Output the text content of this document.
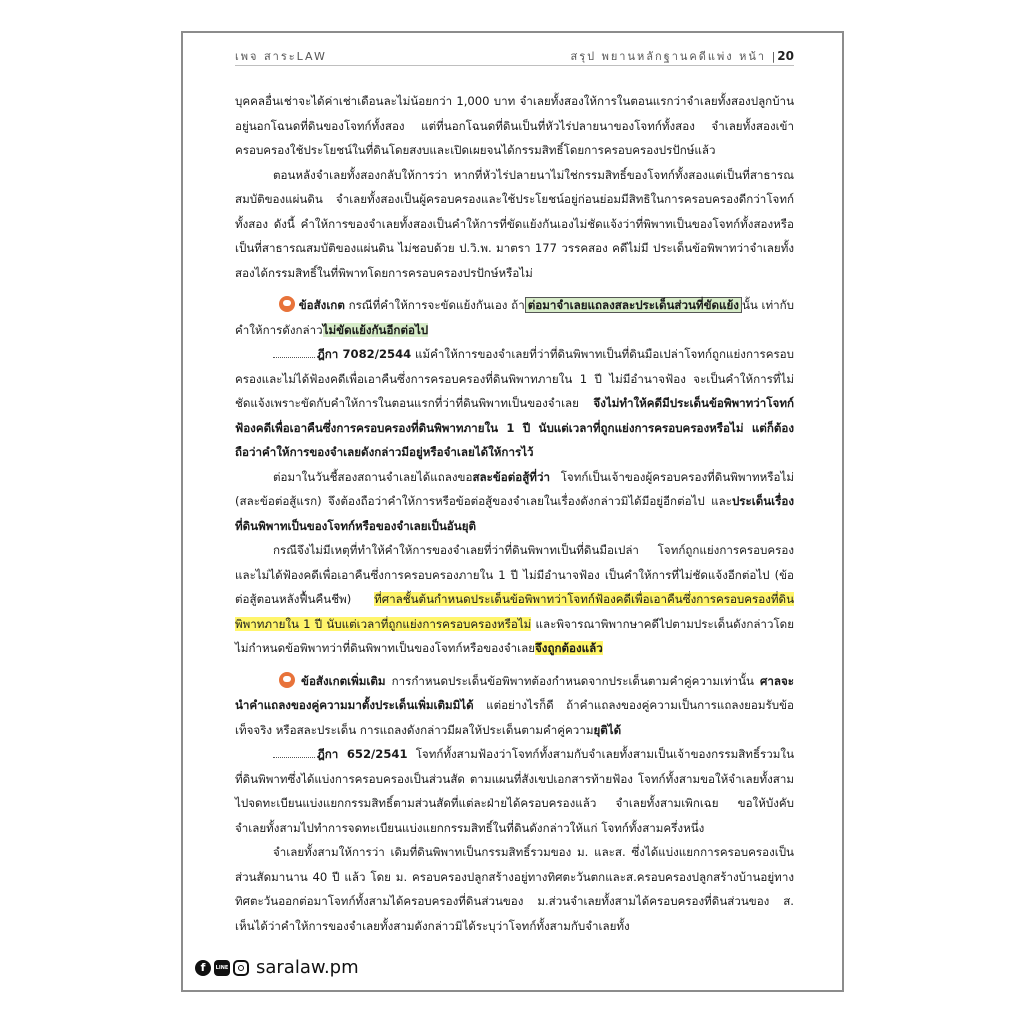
เพจ สาระLAW	สรุป พยานหลักฐานคดีแพ่ง หน้า |20

บุคคลอื่นเช่าจะได้ค่าเช่าเดือนละไม่น้อยกว่า 1,000 บาท จำเลยทั้งสองให้การในตอนแรกว่าจำเลยทั้งสองปลูกบ้านอยู่นอกโฉนดที่ดินของโจทก์ทั้งสอง แต่ที่นอกโฉนดที่ดินเป็นที่หัวไร่ปลายนาของโจทก์ทั้งสอง จำเลยทั้งสองเข้าครอบครองใช้ประโยชน์ในที่ดินโดยสงบและเปิดเผยจนได้กรรมสิทธิ์โดยการครอบครองปรปักษ์แล้ว

ตอนหลังจำเลยทั้งสองกลับให้การว่า หากที่หัวไร่ปลายนาไม่ใช่กรรมสิทธิ์ของโจทก์ทั้งสองแต่เป็นที่สาธารณสมบัติของแผ่นดิน จำเลยทั้งสองเป็นผู้ครอบครองและใช้ประโยชน์อยู่ก่อนย่อมมีสิทธิในการครอบครองดีกว่าโจทก์ทั้งสอง ดังนี้ คำให้การของจำเลยทั้งสองเป็นคำให้การที่ขัดแย้งกันเองไม่ชัดแจ้งว่าที่พิพาทเป็นของโจทก์ทั้งสองหรือเป็นที่สาธารณสมบัติของแผ่นดิน ไม่ชอบด้วย ป.วิ.พ. มาตรา 177 วรรคสอง คดีไม่มี ประเด็นข้อพิพาทว่าจำเลยทั้งสองได้กรรมสิทธิ์ในที่พิพาทโดยการครอบครองปรปักษ์หรือไม่

ข้อสังเกต กรณีที่คำให้การจะขัดแย้งกันเอง ถ้า ต่อมาจำเลยแถลงสละประเด็นส่วนที่ขัดแย้ง นั้น เท่ากับคำให้การดังกล่าวไม่ขัดแย้งกันอีกต่อไป

ฎีกา 7082/2544 แม้คำให้การของจำเลยที่ว่าที่ดินพิพาทเป็นที่ดินมือเปล่าโจทก์ถูกแย่งการครอบครองและไม่ได้ฟ้องคดีเพื่อเอาคืนซึ่งการครอบครองที่ดินพิพาทภายใน 1 ปี ไม่มีอำนาจฟ้อง จะเป็นคำให้การที่ไม่ชัดแจ้งเพราะขัดกับคำให้การในตอนแรกที่ว่าที่ดินพิพาทเป็นของจำเลย จึงไม่ทำให้คดีมีประเด็นข้อพิพาทว่าโจทก์ฟ้องคดีเพื่อเอาคืนซึ่งการครอบครองที่ดินพิพาทภายใน 1 ปี นับแต่เวลาที่ถูกแย่งการครอบครองหรือไม่ แต่ก็ต้องถือว่าคำให้การของจำเลยดังกล่าวมีอยู่หรือจำเลยได้ให้การไว้

ต่อมาในวันชี้สองสถานจำเลยได้แถลงขอสละข้อต่อสู้ที่ว่า โจทก์เป็นเจ้าของผู้ครอบครองที่ดินพิพาทหรือไม่ (สละข้อต่อสู้แรก) จึงต้องถือว่าคำให้การหรือข้อต่อสู้ของจำเลยในเรื่องดังกล่าวมิได้มีอยู่อีกต่อไป และประเด็นเรื่องที่ดินพิพาทเป็นของโจทก์หรือของจำเลยเป็นอันยุติ

กรณีจึงไม่มีเหตุที่ทำให้คำให้การของจำเลยที่ว่าที่ดินพิพาทเป็นที่ดินมือเปล่า โจทก์ถูกแย่งการครอบครองและไม่ได้ฟ้องคดีเพื่อเอาคืนซึ่งการครอบครองภายใน 1 ปี ไม่มีอำนาจฟ้อง เป็นคำให้การที่ไม่ชัดแจ้งอีกต่อไป (ข้อต่อสู้ตอนหลังฟื้นคืนชีพ) ที่ศาลชั้นต้นกำหนดประเด็นข้อพิพาทว่าโจทก์ฟ้องคดีเพื่อเอาคืนซึ่งการครอบครองที่ดินพิพาทภายใน 1 ปี นับแต่เวลาที่ถูกแย่งการครอบครองหรือไม่ และพิจารณาพิพากษาคดีไปตามประเด็นดังกล่าวโดยไม่กำหนดข้อพิพาทว่าที่ดินพิพาทเป็นของโจทก์หรือของจำเลยจึงถูกต้องแล้ว

ข้อสังเกตเพิ่มเติม การกำหนดประเด็นข้อพิพาทต้องกำหนดจากประเด็นตามคำคู่ความเท่านั้น ศาลจะนำคำแถลงของคู่ความมาตั้งประเด็นเพิ่มเติมมิได้ แต่อย่างไรก็ดี ถ้าคำแถลงของคู่ความเป็นการแถลงยอมรับข้อเท็จจริง หรือสละประเด็น การแถลงดังกล่าวมีผลให้ประเด็นตามคำคู่ความยุติได้

ฎีกา 652/2541 โจทก์ทั้งสามฟ้องว่าโจทก์ทั้งสามกับจำเลยทั้งสามเป็นเจ้าของกรรมสิทธิ์รวมในที่ดินพิพาทซึ่งได้แบ่งการครอบครองเป็นส่วนสัด ตามแผนที่สังเขปเอกสารท้ายฟ้อง โจทก์ทั้งสามขอให้จำเลยทั้งสามไปจดทะเบียนแบ่งแยกกรรมสิทธิ์ตามส่วนสัดที่แต่ละฝ่ายได้ครอบครองแล้ว จำเลยทั้งสามเพิกเฉย ขอให้บังคับจำเลยทั้งสามไปทำการจดทะเบียนแบ่งแยกกรรมสิทธิ์ในที่ดินดังกล่าวให้แก่ โจทก์ทั้งสามครึ่งหนึ่ง

จำเลยทั้งสามให้การว่า เดิมที่ดินพิพาทเป็นกรรมสิทธิ์รวมของ ม. และส. ซึ่งได้แบ่งแยกการครอบครองเป็นส่วนสัดมานาน 40 ปี แล้ว โดย ม. ครอบครองปลูกสร้างอยู่ทางทิศตะวันตกและส.ครอบครองปลูกสร้างบ้านอยู่ทางทิศตะวันออกต่อมาโจทก์ทั้งสามได้ครอบครองที่ดินส่วนของ ม.ส่วนจำเลยทั้งสามได้ครอบครองที่ดินส่วนของ ส. เห็นได้ว่าคำให้การของจำเลยทั้งสามดังกล่าวมิได้ระบุว่าโจทก์ทั้งสามกับจำเลยทั้ง

f	LINE saralaw.pm
